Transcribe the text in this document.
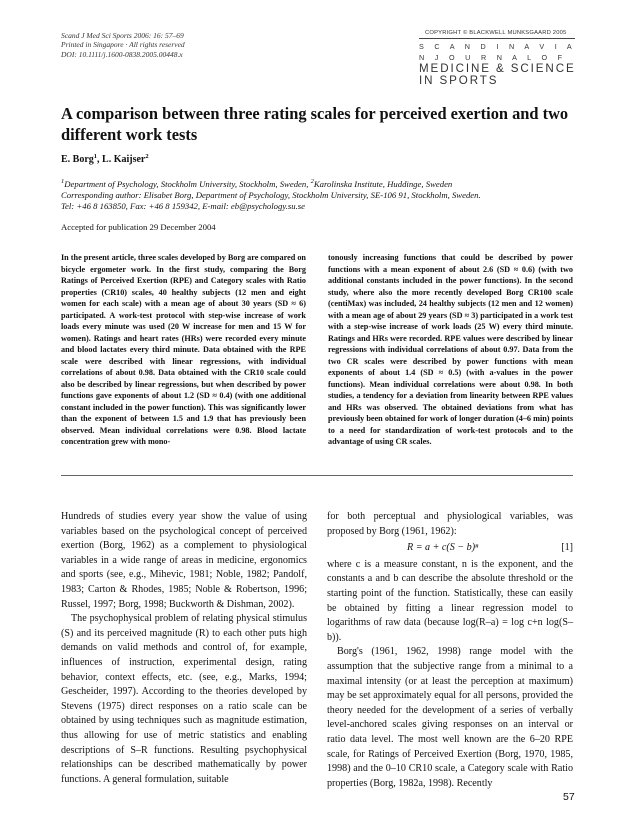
Scand J Med Sci Sports 2006: 16: 57–69
Printed in Singapore · All rights reserved
DOI: 10.1111/j.1600-0838.2005.00448.x
COPYRIGHT © BLACKWELL MUNKSGAARD 2005
S C A N D I N A V I A N J O U R N A L O F
MEDICINE & SCIENCE
IN SPORTS
A comparison between three rating scales for perceived exertion and two different work tests
E. Borg$^1$, L. Kaijser$^2$
$^1$Department of Psychology, Stockholm University, Stockholm, Sweden, $^2$Karolinska Institute, Huddinge, Sweden
Corresponding author: Elisabet Borg, Department of Psychology, Stockholm University, SE-106 91, Stockholm, Sweden.
Tel: +46 8 163850, Fax: +46 8 159342, E-mail: eb@psychology.su.se
Accepted for publication 29 December 2004
In the present article, three scales developed by Borg are compared on bicycle ergometer work. In the first study, comparing the Borg Ratings of Perceived Exertion (RPE) and Category scales with Ratio properties (CR10) scales, 40 healthy subjects (12 men and eight women for each scale) with a mean age of about 30 years (SD ≈ 6) participated. A work-test protocol with step-wise increase of work loads every minute was used (20 W increase for men and 15 W for women). Ratings and heart rates (HRs) were recorded every minute and blood lactates every third minute. Data obtained with the RPE scale were described with linear regressions, with individual correlations of about 0.98. Data obtained with the CR10 scale could also be described by linear regressions, but when described by power functions gave exponents of about 1.2 (SD ≈ 0.4) (with one additional constant included in the power function). This was significantly lower than the exponent of between 1.5 and 1.9 that has previously been observed. Mean individual correlations were 0.98. Blood lactate concentration grew with mono-
tonously increasing functions that could be described by power functions with a mean exponent of about 2.6 (SD ≈ 0.6) (with two additional constants included in the power functions). In the second study, where also the more recently developed Borg CR100 scale (centiMax) was included, 24 healthy subjects (12 men and 12 women) with a mean age of about 29 years (SD ≈ 3) participated in a work test with a step-wise increase of work loads (25 W) every third minute. Ratings and HRs were recorded. RPE values were described by linear regressions with individual correlations of about 0.97. Data from the two CR scales were described by power functions with mean exponents of about 1.4 (SD ≈ 0.5) (with a-values in the power functions). Mean individual correlations were about 0.98. In both studies, a tendency for a deviation from linearity between RPE values and HRs was observed. The obtained deviations from what has previously been obtained for work of longer duration (4–6 min) points to a need for standardization of work-test protocols and to the advantage of using CR scales.

Hundreds of studies every year show the value of using variables based on the psychological concept of perceived exertion (Borg, 1962) as a complement to physiological variables in a wide range of areas in medicine, ergonomics and sports (see, e.g., Mihevic, 1981; Noble, 1982; Pandolf, 1983; Carton & Rhodes, 1985; Noble & Robertson, 1996; Russel, 1997; Borg, 1998; Buckworth & Dishman, 2002).

The psychophysical problem of relating physical stimulus (S) and its perceived magnitude (R) to each other puts high demands on valid methods and control of, for example, influences of instruction, experimental design, rating behavior, context effects, etc. (see, e.g., Marks, 1994; Gescheider, 1997). According to the theories developed by Stevens (1975) direct responses on a ratio scale can be obtained by using techniques such as magnitude estimation, thus allowing for use of metric statistics and enabling descriptions of S–R functions. Resulting psychophysical relationships can be described mathematically by power functions. A general formulation, suitable

for both perceptual and physiological variables, was proposed by Borg (1961, 1962):

R = a + c(S − b)ⁿ	[1]

where c is a measure constant, n is the exponent, and the constants a and b can describe the absolute threshold or the starting point of the function. Statistically, these can easily be obtained by fitting a linear regression model to logarithms of raw data (because log(R–a) = log c+n log(S–b)).

Borg's (1961, 1962, 1998) range model with the assumption that the subjective range from a minimal to a maximal intensity (or at least the perception at maximum) may be set approximately equal for all persons, provided the theory needed for the development of a series of verbally level-anchored scales giving responses on an interval or ratio data level. The most well known are the 6–20 RPE scale, for Ratings of Perceived Exertion (Borg, 1970, 1985, 1998) and the 0–10 CR10 scale, a Category scale with Ratio properties (Borg, 1982a, 1998). Recently

57
